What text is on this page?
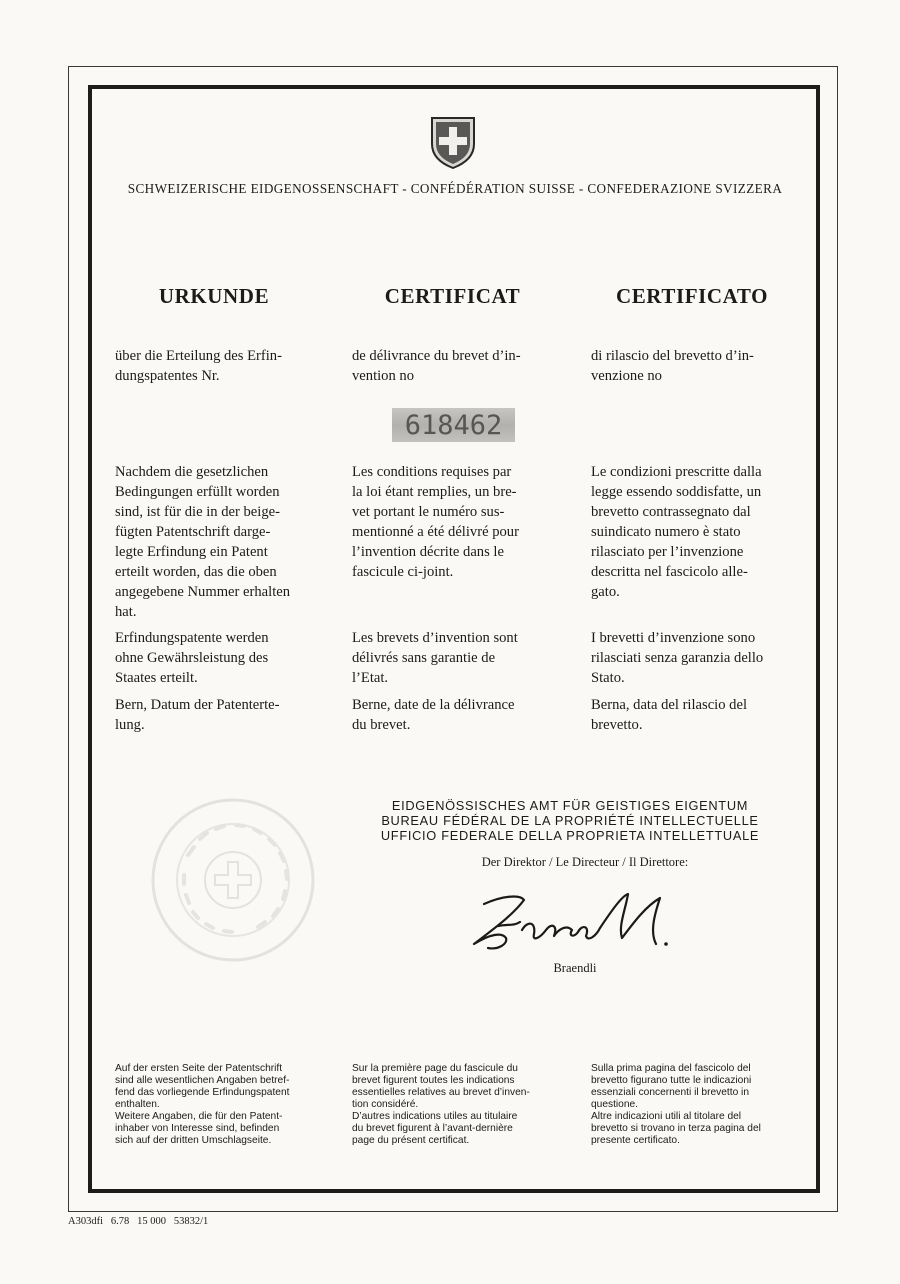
SCHWEIZERISCHE EIDGENOSSENSCHAFT - CONFÉDÉRATION SUISSE - CONFEDERAZIONE SVIZZERA
URKUNDE	CERTIFICAT	CERTIFICATO

über die Erteilung des Erfin-

dungspatentes Nr.

de délivrance du brevet d’in-

vention no

di rilascio del brevetto d’in-

venzione no

618462

Nachdem die gesetzlichen

Bedingungen erfüllt worden

sind, ist für die in der beige-

fügten Patentschrift darge-

legte Erfindung ein Patent

erteilt worden, das die oben

angegebene Nummer erhalten

hat.

Les conditions requises par

la loi étant remplies, un bre-

vet portant le numéro sus-

mentionné a été délivré pour

l’invention décrite dans le

fascicule ci-joint.

Le condizioni prescritte dalla

legge essendo soddisfatte, un

brevetto contrassegnato dal

suindicato numero è stato

rilasciato per l’invenzione

descritta nel fascicolo alle-

gato.

Erfindungspatente werden

ohne Gewährsleistung des

Staates erteilt.

Les brevets d’invention sont

délivrés sans garantie de

l’Etat.

I brevetti d’invenzione sono

rilasciati senza garanzia dello

Stato.

Bern, Datum der Patenterte-

lung.

Berne, date de la délivrance

du brevet.

Berna, data del rilascio del

brevetto.

EIDGENÖSSISCHES AMT FÜR GEISTIGES EIGENTUM
BUREAU FÉDÉRAL DE LA PROPRIÉTÉ INTELLECTUELLE
UFFICIO FEDERALE DELLA PROPRIETA INTELLETTUALE
Der Direktor / Le Directeur / Il Direttore:
Braendli

Auf der ersten Seite der Patentschrift

sind alle wesentlichen Angaben betref-

fend das vorliegende Erfindungspatent

enthalten.

Weitere Angaben, die für den Patent-

inhaber von Interesse sind, befinden

sich auf der dritten Umschlagseite.

Sur la première page du fascicule du

brevet figurent toutes les indications

essentielles relatives au brevet d’inven-

tion considéré.

D’autres indications utiles au titulaire

du brevet figurent à l’avant-dernière

page du présent certificat.

Sulla prima pagina del fascicolo del

brevetto figurano tutte le indicazioni

essenziali concernenti il brevetto in

questione.

Altre indicazioni utili al titolare del

brevetto si trovano in terza pagina del

presente certificato.

A303dfi   6.78   15 000   53832/1
